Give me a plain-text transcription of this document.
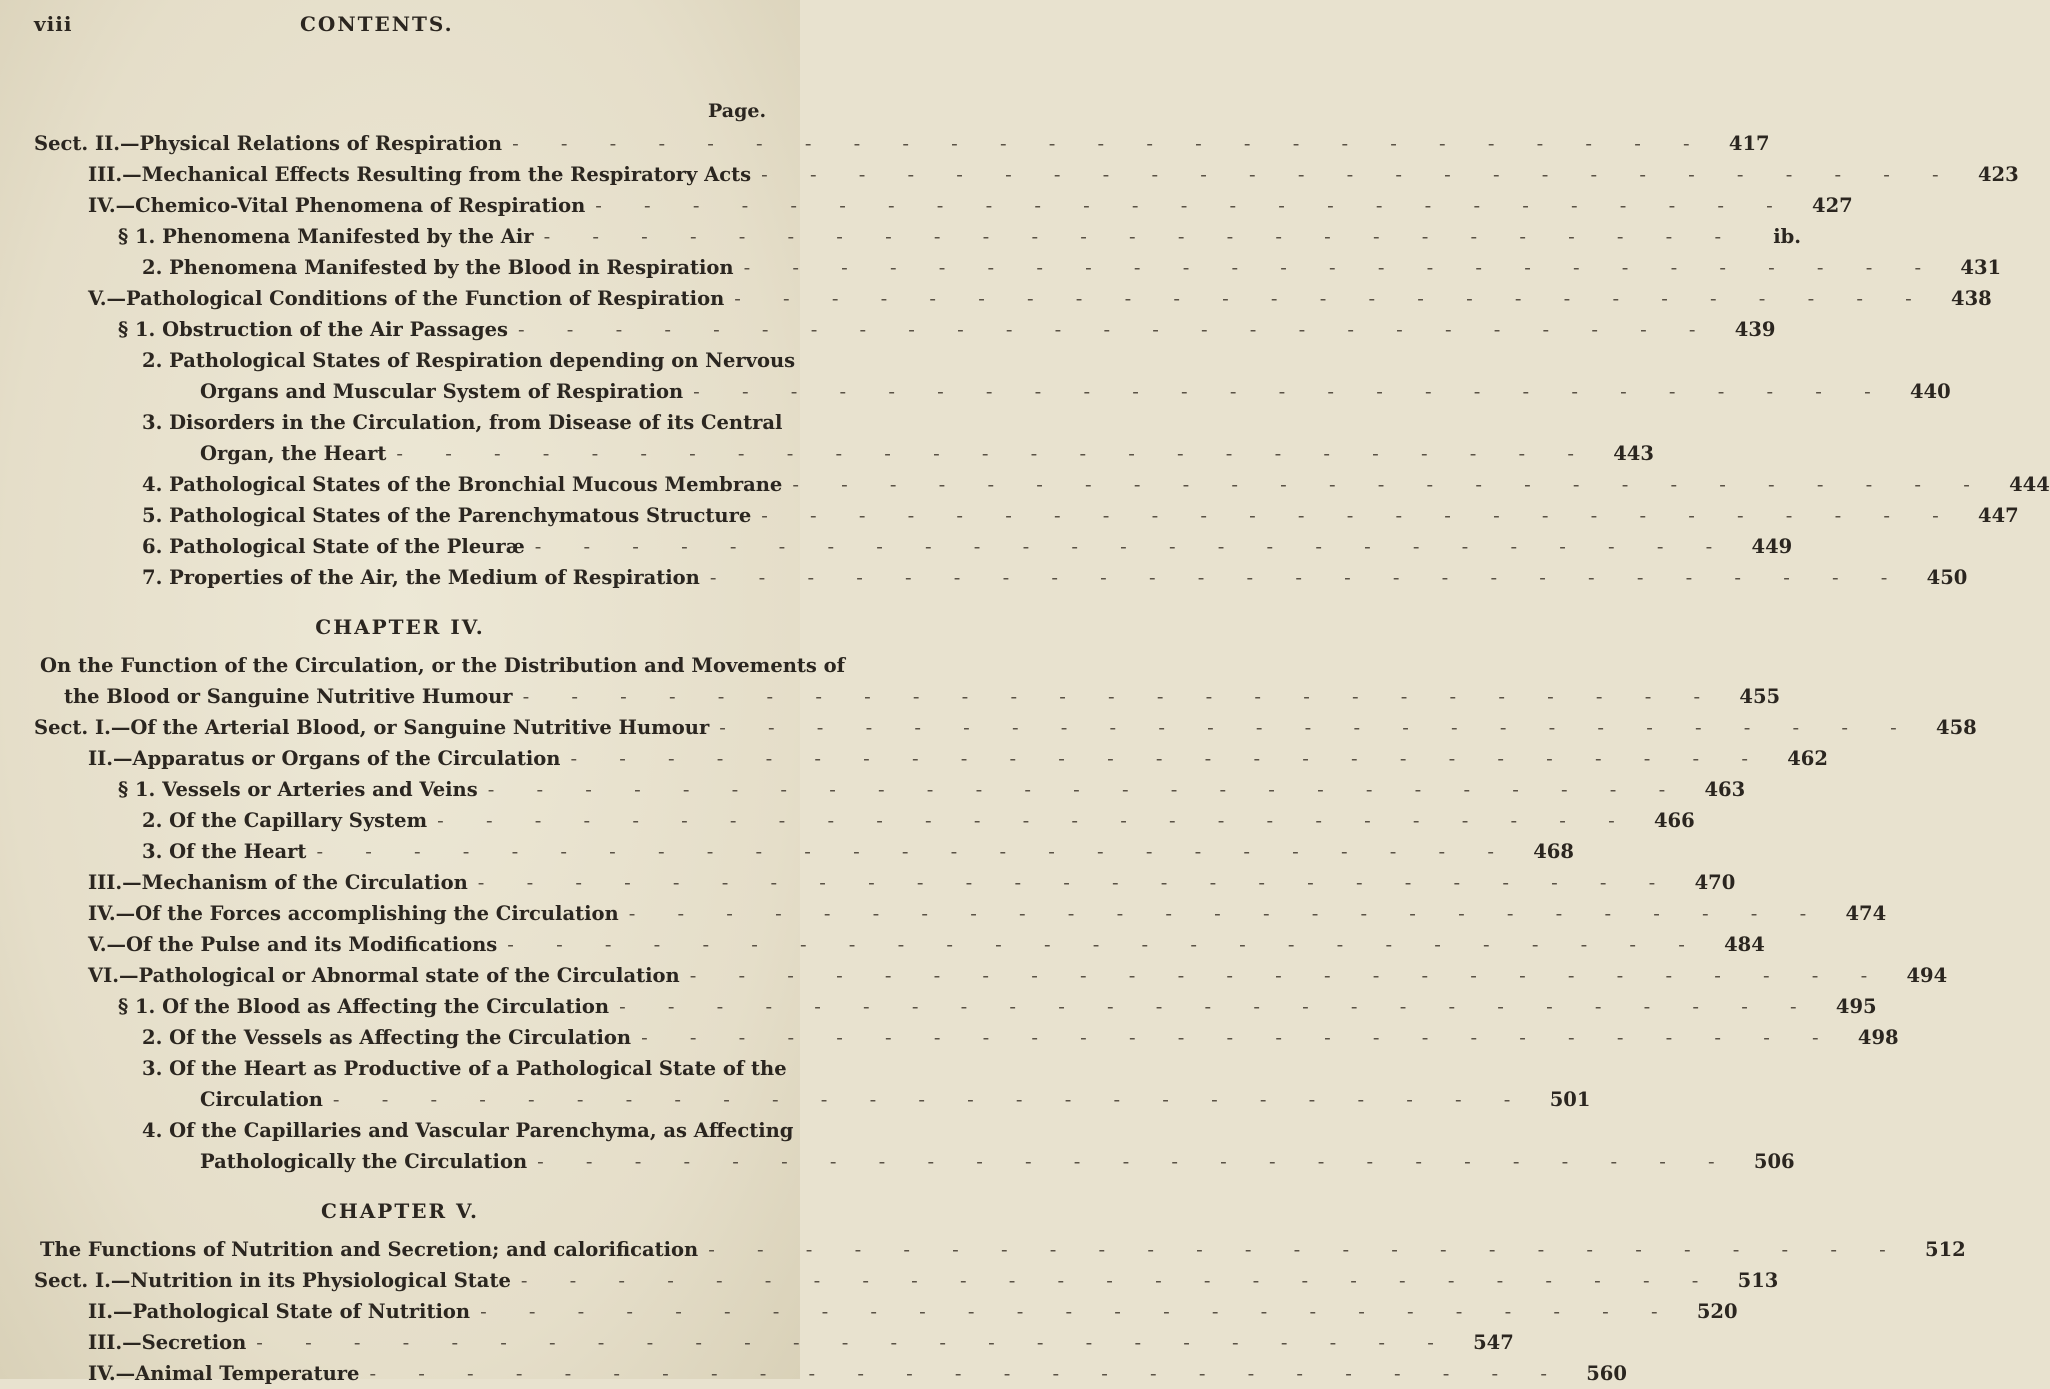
viii	CONTENTS.
Page.
Sect. II.—Physical Relations of Respiration - - - - - - - - - - - - - - - - - - - - - - - - -	417
III.—Mechanical Effects Resulting from the Respiratory Acts - - - - - - - - - - - - - - - - - - - - - - - - -	423
IV.—Chemico-Vital Phenomena of Respiration - - - - - - - - - - - - - - - - - - - - - - - - -	427
§ 1. Phenomena Manifested by the Air - - - - - - - - - - - - - - - - - - - - - - - - -	ib.
2. Phenomena Manifested by the Blood in Respiration - - - - - - - - - - - - - - - - - - - - - - - - -	431
V.—Pathological Conditions of the Function of Respiration - - - - - - - - - - - - - - - - - - - - - - - - -	438
§ 1. Obstruction of the Air Passages - - - - - - - - - - - - - - - - - - - - - - - - -	439
2. Pathological States of Respiration depending on Nervous
Organs and Muscular System of Respiration - - - - - - - - - - - - - - - - - - - - - - - - -	440
3. Disorders in the Circulation, from Disease of its Central
Organ, the Heart - - - - - - - - - - - - - - - - - - - - - - - - -	443
4. Pathological States of the Bronchial Mucous Membrane - - - - - - - - - - - - - - - - - - - - - - - - -	444
5. Pathological States of the Parenchymatous Structure - - - - - - - - - - - - - - - - - - - - - - - - -	447
6. Pathological State of the Pleuræ - - - - - - - - - - - - - - - - - - - - - - - - -	449
7. Properties of the Air, the Medium of Respiration - - - - - - - - - - - - - - - - - - - - - - - - -	450
On the Function of the Circulation, or the Distribution and Movements of
the Blood or Sanguine Nutritive Humour - - - - - - - - - - - - - - - - - - - - - - - - -	455
Sect. I.—Of the Arterial Blood, or Sanguine Nutritive Humour - - - - - - - - - - - - - - - - - - - - - - - - -	458
II.—Apparatus or Organs of the Circulation - - - - - - - - - - - - - - - - - - - - - - - - -	462
§ 1. Vessels or Arteries and Veins - - - - - - - - - - - - - - - - - - - - - - - - -	463
2. Of the Capillary System - - - - - - - - - - - - - - - - - - - - - - - - -	466
3. Of the Heart - - - - - - - - - - - - - - - - - - - - - - - - -	468
III.—Mechanism of the Circulation - - - - - - - - - - - - - - - - - - - - - - - - -	470
IV.—Of the Forces accomplishing the Circulation - - - - - - - - - - - - - - - - - - - - - - - - -	474
V.—Of the Pulse and its Modifications - - - - - - - - - - - - - - - - - - - - - - - - -	484
VI.—Pathological or Abnormal state of the Circulation - - - - - - - - - - - - - - - - - - - - - - - - -	494
§ 1. Of the Blood as Affecting the Circulation - - - - - - - - - - - - - - - - - - - - - - - - -	495
2. Of the Vessels as Affecting the Circulation - - - - - - - - - - - - - - - - - - - - - - - - -	498
3. Of the Heart as Productive of a Pathological State of the
Circulation - - - - - - - - - - - - - - - - - - - - - - - - -	501
4. Of the Capillaries and Vascular Parenchyma, as Affecting
Pathologically the Circulation - - - - - - - - - - - - - - - - - - - - - - - - -	506
The Functions of Nutrition and Secretion; and calorification - - - - - - - - - - - - - - - - - - - - - - - - -	512
Sect. I.—Nutrition in its Physiological State - - - - - - - - - - - - - - - - - - - - - - - - -	513
II.—Pathological State of Nutrition - - - - - - - - - - - - - - - - - - - - - - - - -	520
III.—Secretion - - - - - - - - - - - - - - - - - - - - - - - - -	547
IV.—Animal Temperature - - - - - - - - - - - - - - - - - - - - - - - - -	560
CHAPTER IV.
CHAPTER V.
